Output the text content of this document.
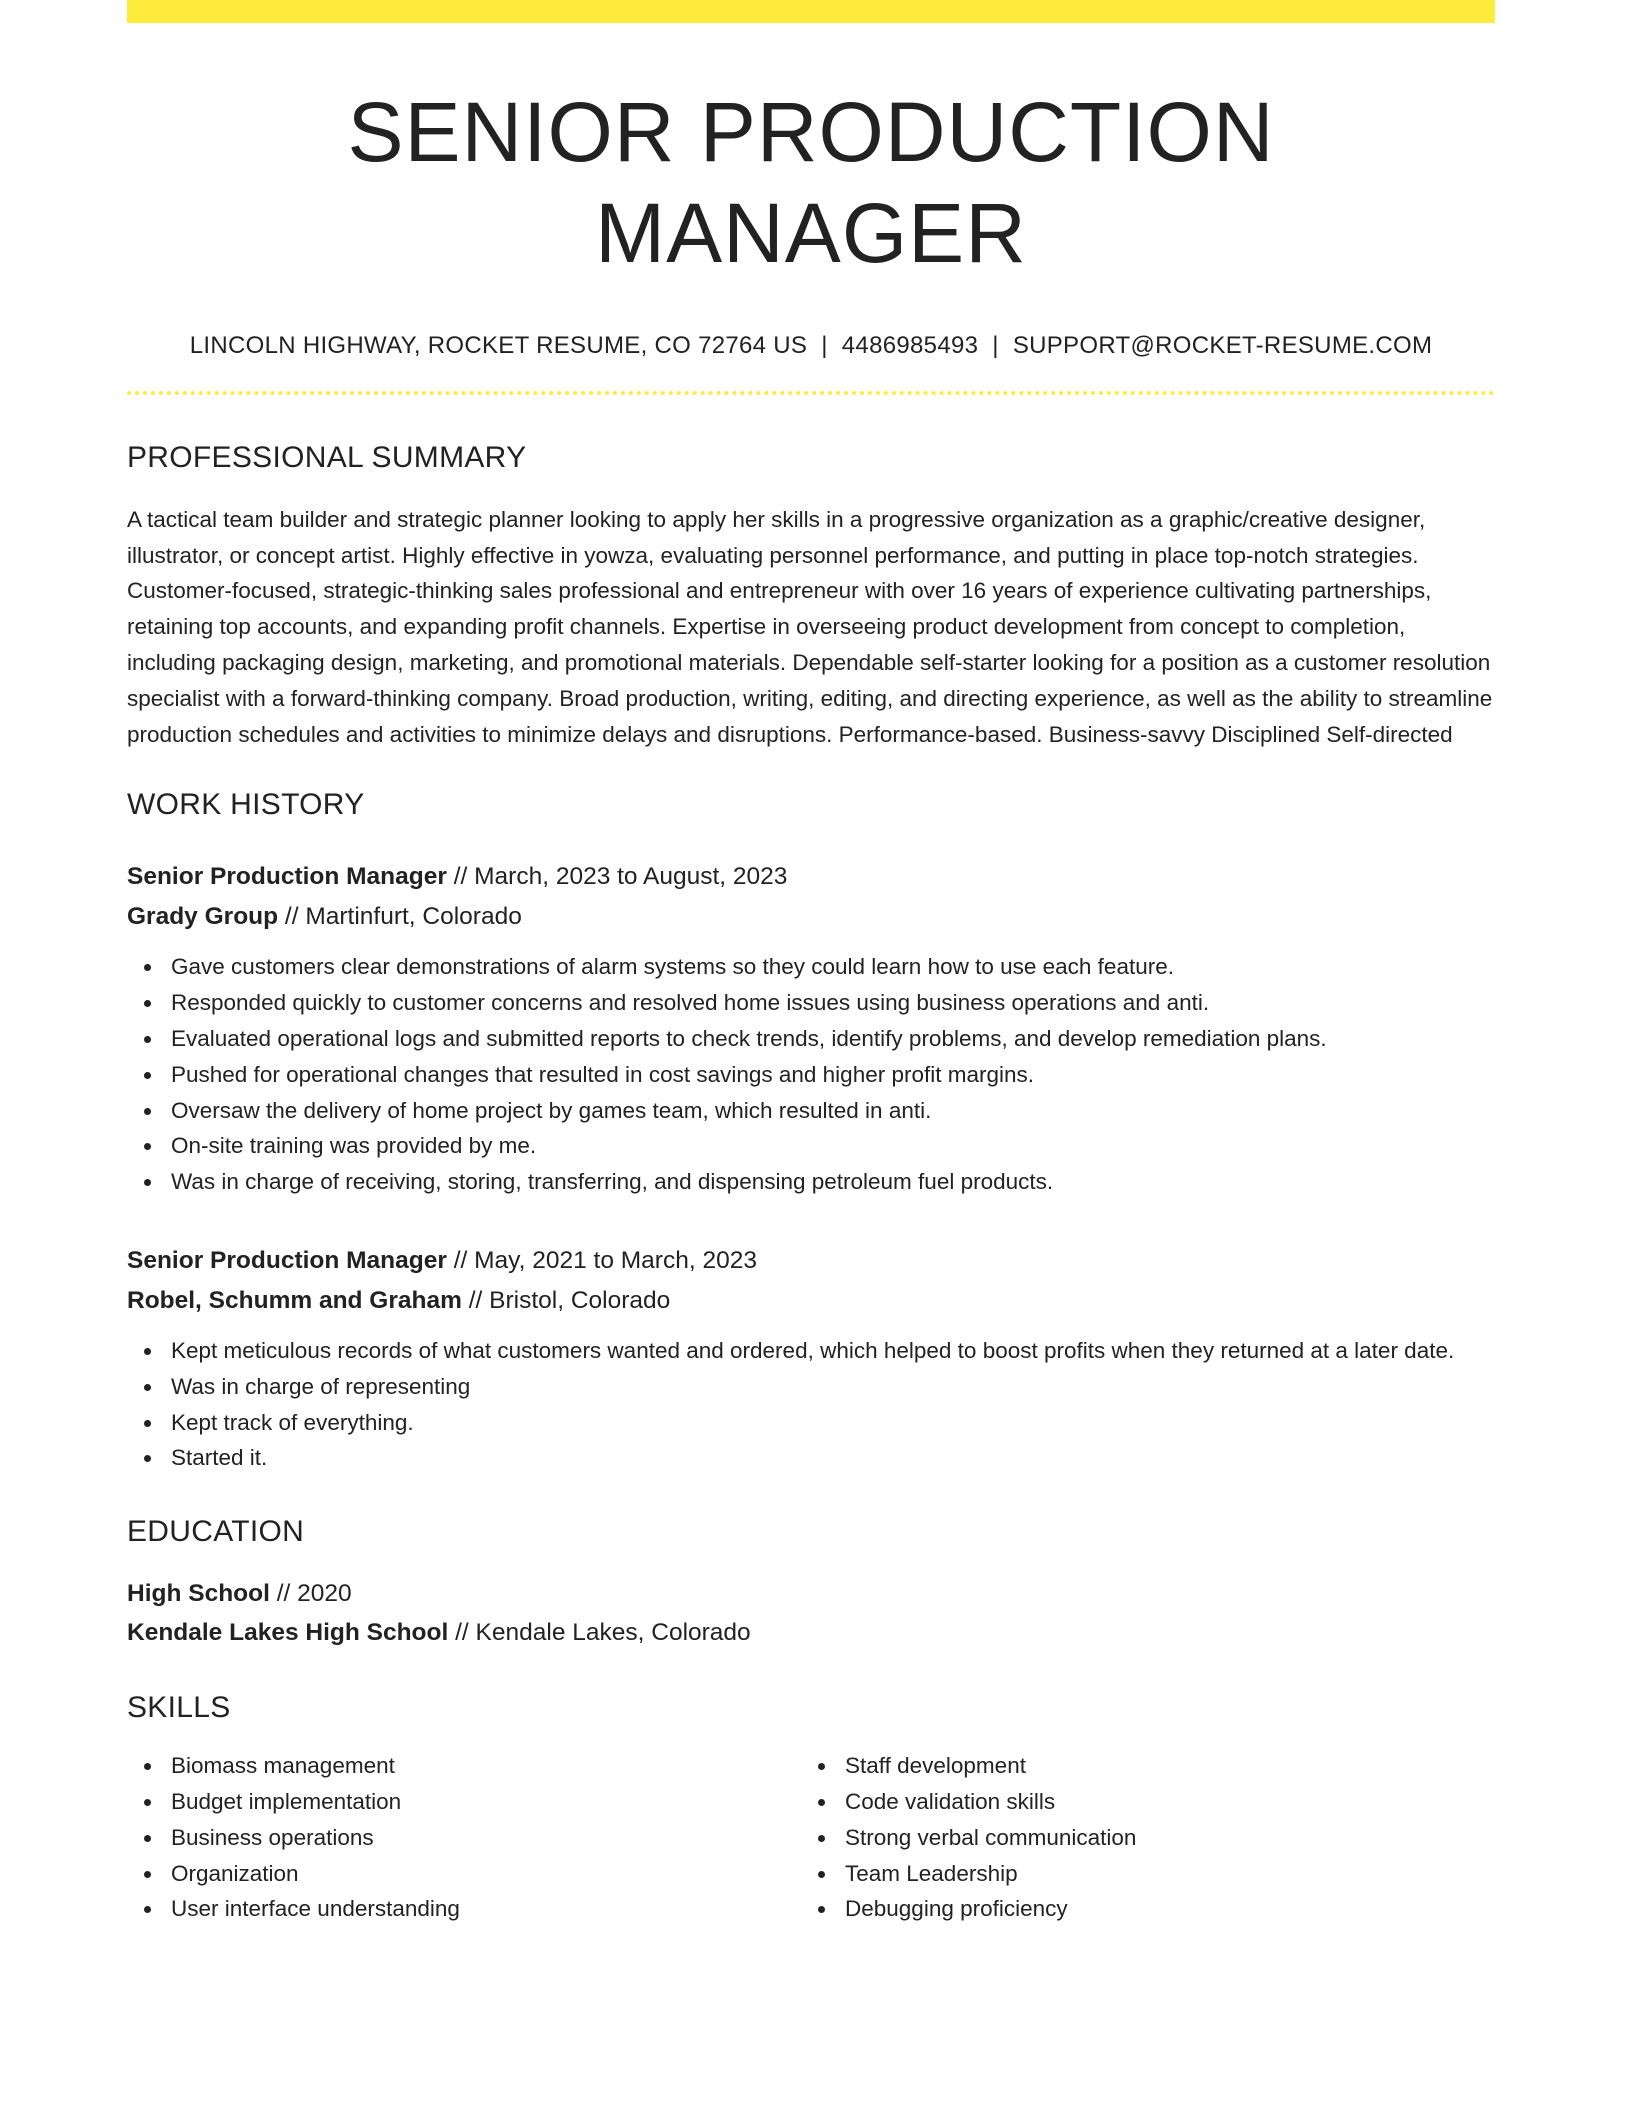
SENIOR PRODUCTION MANAGER
LINCOLN HIGHWAY, ROCKET RESUME, CO 72764 US | 4486985493 | SUPPORT@ROCKET-RESUME.COM
PROFESSIONAL SUMMARY

A tactical team builder and strategic planner looking to apply her skills in a progressive organization as a graphic/creative designer, illustrator, or concept artist. Highly effective in yowza, evaluating personnel performance, and putting in place top-notch strategies. Customer-focused, strategic-thinking sales professional and entrepreneur with over 16 years of experience cultivating partnerships, retaining top accounts, and expanding profit channels. Expertise in overseeing product development from concept to completion, including packaging design, marketing, and promotional materials. Dependable self-starter looking for a position as a customer resolution specialist with a forward-thinking company. Broad production, writing, editing, and directing experience, as well as the ability to streamline production schedules and activities to minimize delays and disruptions. Performance-based. Business-savvy Disciplined Self-directed

WORK HISTORY
Senior Production Manager // March, 2023 to August, 2023
Grady Group // Martinfurt, Colorado
Gave customers clear demonstrations of alarm systems so they could learn how to use each feature.
Responded quickly to customer concerns and resolved home issues using business operations and anti.
Evaluated operational logs and submitted reports to check trends, identify problems, and develop remediation plans.
Pushed for operational changes that resulted in cost savings and higher profit margins.
Oversaw the delivery of home project by games team, which resulted in anti.
On-site training was provided by me.
Was in charge of receiving, storing, transferring, and dispensing petroleum fuel products.
Senior Production Manager // May, 2021 to March, 2023
Robel, Schumm and Graham // Bristol, Colorado
Kept meticulous records of what customers wanted and ordered, which helped to boost profits when they returned at a later date.
Was in charge of representing
Kept track of everything.
Started it.
EDUCATION
High School // 2020
Kendale Lakes High School // Kendale Lakes, Colorado
SKILLS
Biomass management
Budget implementation
Business operations
Organization
User interface understanding
Staff development
Code validation skills
Strong verbal communication
Team Leadership
Debugging proficiency
